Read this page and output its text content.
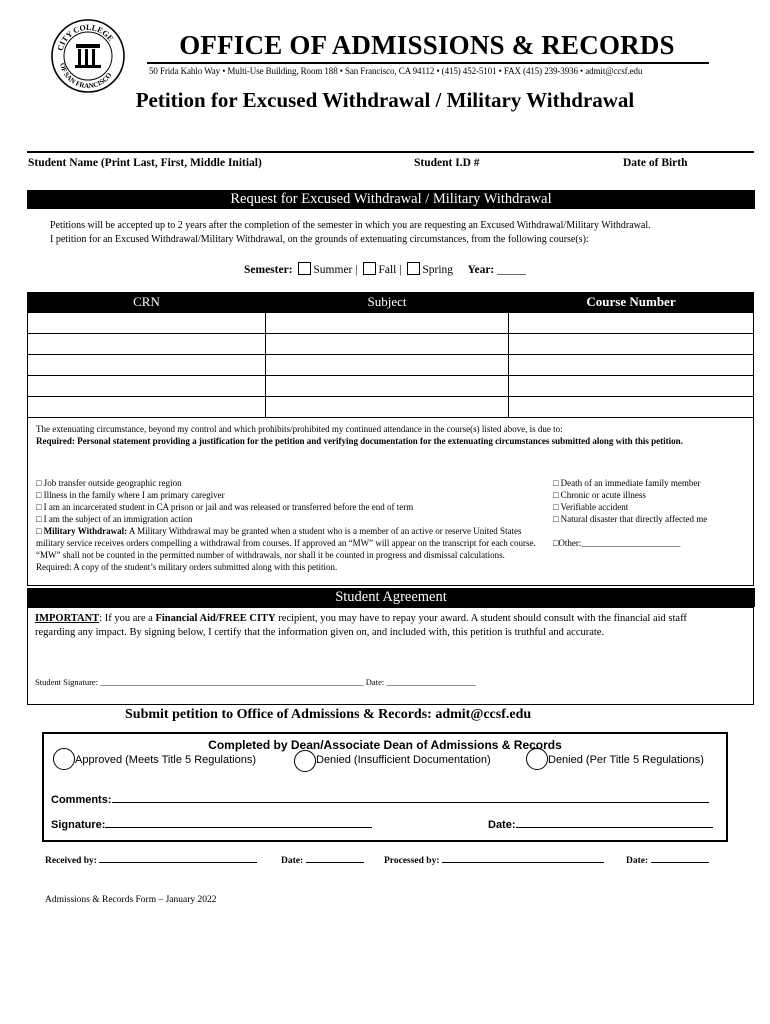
CITY COLLEGE
OF SAN FRANCISCO
OFFICE OF ADMISSIONS & RECORDS
50 Frida Kahlo Way • Multi-Use Building, Room 188 • San Francisco, CA 94112 • (415) 452-5101 • FAX (415) 239-3936 • admit@ccsf.edu
Petition for Excused Withdrawal / Military Withdrawal
Student Name (Print Last, First, Middle Initial)	Student I.D #	Date of Birth
Request for Excused Withdrawal / Military Withdrawal
Petitions will be accepted up to 2 years after the completion of the semester in which you are requesting an Excused Withdrawal/Military Withdrawal.
I petition for an Excused Withdrawal/Military Withdrawal, on the grounds of extenuating circumstances, from the following course(s):
Semester: Summer | Fall | Spring Year: _____
CRN	Subject	Course Number

The extenuating circumstance, beyond my control and which prohibits/prohibited my continued attendance in the course(s) listed above, is due to:
Required: Personal statement providing a justification for the petition and verifying documentation for the extenuating circumstances submitted along with this petition.
□ Job transfer outside geographic region
□ Illness in the family where I am primary caregiver
□ I am an incarcerated student in CA prison or jail and was released or transferred before the end of term
□ I am the subject of an immigration action
□ Military Withdrawal: A Military Withdrawal may be granted when a student who is a member of an active or reserve United States military service receives orders compelling a withdrawal from courses. If approved an “MW” will appear on the transcript for each course. “MW” shall not be counted in the permitted number of withdrawals, nor shall it be counted in progress and dismissal calculations. Required: A copy of the student’s military orders submitted along with this petition.
□ Death of an immediate family member
□ Chronic or acute illness
□ Verifiable accident
□ Natural disaster that directly affected me
□Other:______________________
Student Agreement
IMPORTANT: If you are a Financial Aid/FREE CITY recipient, you may have to repay your award. A student should consult with the financial aid staff regarding any impact. By signing below, I certify that the information given on, and included with, this petition is truthful and accurate.
Student Signature: ______________________________________________________________ Date: _____________________
Submit petition to Office of Admissions & Records: admit@ccsf.edu
Completed by Dean/Associate Dean of Admissions & Records
Approved (Meets Title 5 Regulations)	Denied (Insufficient Documentation)	Denied (Per Title 5 Regulations)
Comments:
Signature:	Date:
Received by:	Date:	Processed by:	Date:
Admissions & Records Form – January 2022
